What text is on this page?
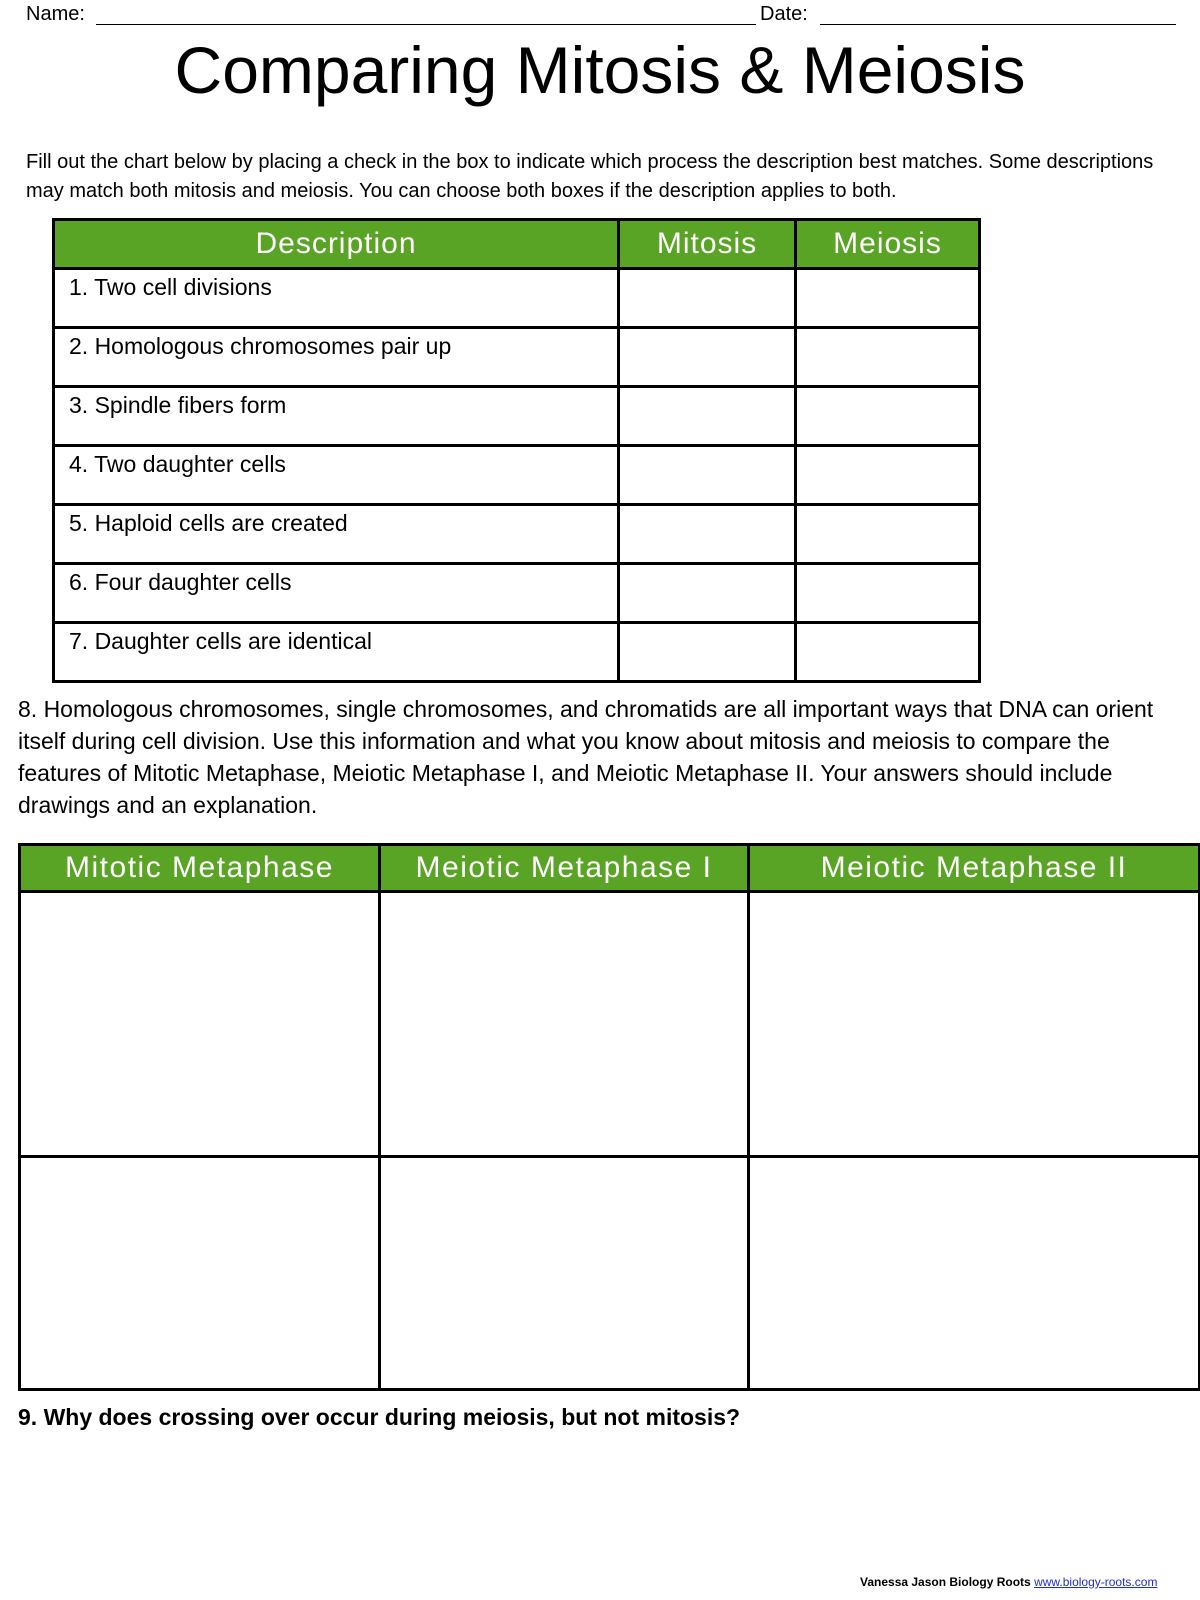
Name:	Date:
Comparing Mitosis & Meiosis
Fill out the chart below by placing a check in the box to indicate which process the description best matches. Some descriptions may match both mitosis and meiosis. You can choose both boxes if the description applies to both.
Description	Mitosis	Meiosis
1. Two cell divisions		
2. Homologous chromosomes pair up		
3. Spindle fibers form		
4. Two daughter cells		
5. Haploid cells are created		
6. Four daughter cells		
7. Daughter cells are identical		
8. Homologous chromosomes, single chromosomes, and chromatids are all important ways that DNA can orient itself during cell division. Use this information and what you know about mitosis and meiosis to compare the features of Mitotic Metaphase, Meiotic Metaphase I, and Meiotic Metaphase II. Your answers should include drawings and an explanation.
Mitotic Metaphase	Meiotic Metaphase I	Meiotic Metaphase II

9. Why does crossing over occur during meiosis, but not mitosis?
Vanessa Jason Biology Roots www.biology-roots.com
